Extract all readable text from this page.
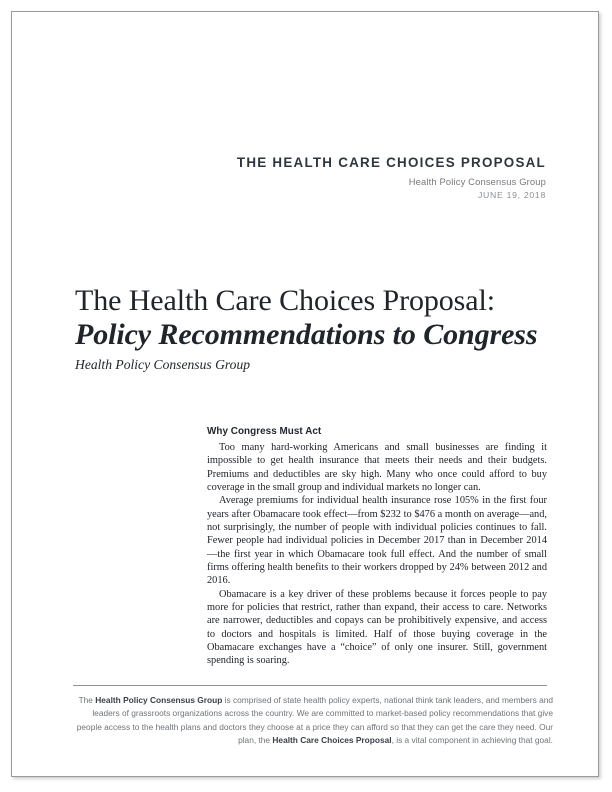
THE HEALTH CARE CHOICES PROPOSAL
Health Policy Consensus Group
JUNE 19, 2018
The Health Care Choices Proposal:
Policy Recommendations to Congress
Health Policy Consensus Group
Why Congress Must Act

Too many hard-working Americans and small businesses are finding it impossible to get health insurance that meets their needs and their budgets. Premiums and deductibles are sky high. Many who once could afford to buy coverage in the small group and individual markets no longer can.

Average premiums for individual health insurance rose 105% in the first four years after Obamacare took effect—from $232 to $476 a month on average—and, not surprisingly, the number of people with individual policies continues to fall. Fewer people had individual policies in December 2017 than in December 2014—the first year in which Obamacare took full effect. And the number of small firms offering health benefits to their workers dropped by 24% between 2012 and 2016.

Obamacare is a key driver of these problems because it forces people to pay more for policies that restrict, rather than expand, their access to care. Networks are narrower, deductibles and copays can be prohibitively expensive, and access to doctors and hospitals is limited. Half of those buying coverage in the Obamacare exchanges have a “choice” of only one insurer. Still, government spending is soaring.

The Health Policy Consensus Group is comprised of state health policy experts, national think tank leaders, and members and leaders of grassroots organizations across the country. We are committed to market-based policy recommendations that give people access to the health plans and doctors they choose at a price they can afford so that they can get the care they need. Our plan, the Health Care Choices Proposal, is a vital component in achieving that goal.
